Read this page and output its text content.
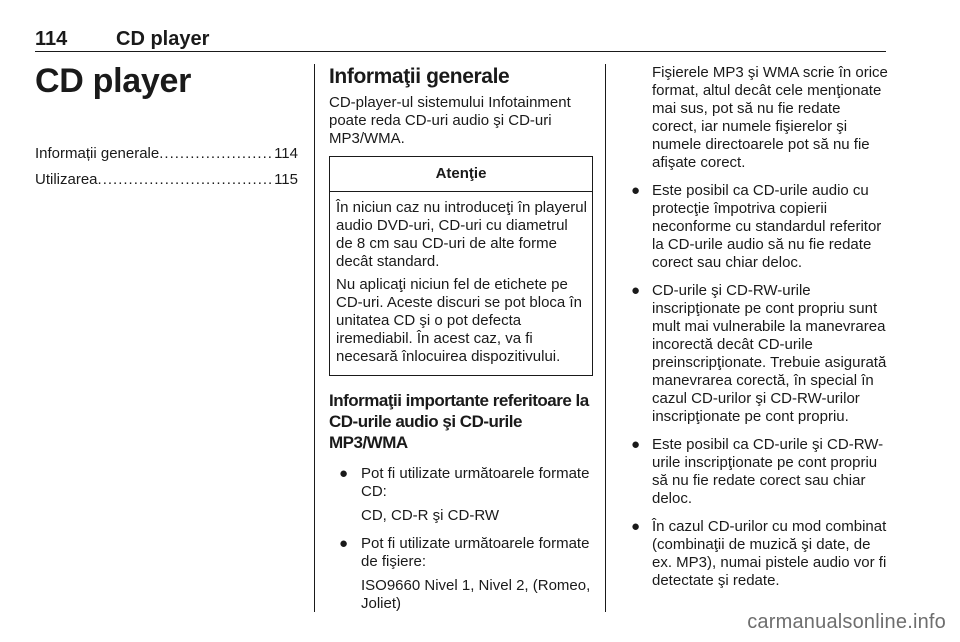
114 CD player
CD player
Informații generale .....	114
Utilizarea .....	115
Informaţii generale
CD-player-ul sistemului Infotainment poate reda CD-uri audio şi CD-uri MP3/WMA.
Atenţie

În niciun caz nu introduceţi în playerul audio DVD-uri, CD-uri cu diametrul de 8 cm sau CD-uri de alte forme decât standard.

Nu aplicaţi niciun fel de etichete pe CD-uri. Aceste discuri se pot bloca în unitatea CD şi o pot defecta iremediabil. În acest caz, va fi necesară înlocuirea dispozitivului.

Informaţii importante referitoare la CD-urile audio şi CD-urile MP3/WMA
● Pot fi utilizate următoarele formate CD:
CD, CD-R şi CD-RW
● Pot fi utilizate următoarele formate de fişiere:
ISO9660 Nivel 1, Nivel 2, (Romeo, Joliet)
Fişierele MP3 şi WMA scrie în orice format, altul decât cele menţionate mai sus, pot să nu fie redate corect, iar numele fişierelor şi numele directoarele pot să nu fie afişate corect.
● Este posibil ca CD-urile audio cu protecţie împotriva copierii neconforme cu standardul referitor la CD-urile audio să nu fie redate corect sau chiar deloc.
● CD-urile şi CD-RW-urile inscripţionate pe cont propriu sunt mult mai vulnerabile la manevrarea incorectă decât CD-urile preinscripţionate. Trebuie asigurată manevrarea corectă, în special în cazul CD-urilor şi CD-RW-urilor inscripţionate pe cont propriu.
● Este posibil ca CD-urile şi CD-RW-urile inscripţionate pe cont propriu să nu fie redate corect sau chiar deloc.
● În cazul CD-urilor cu mod combinat (combinaţii de muzică şi date, de ex. MP3), numai pistele audio vor fi detectate şi redate.
carmanualsonline.info
